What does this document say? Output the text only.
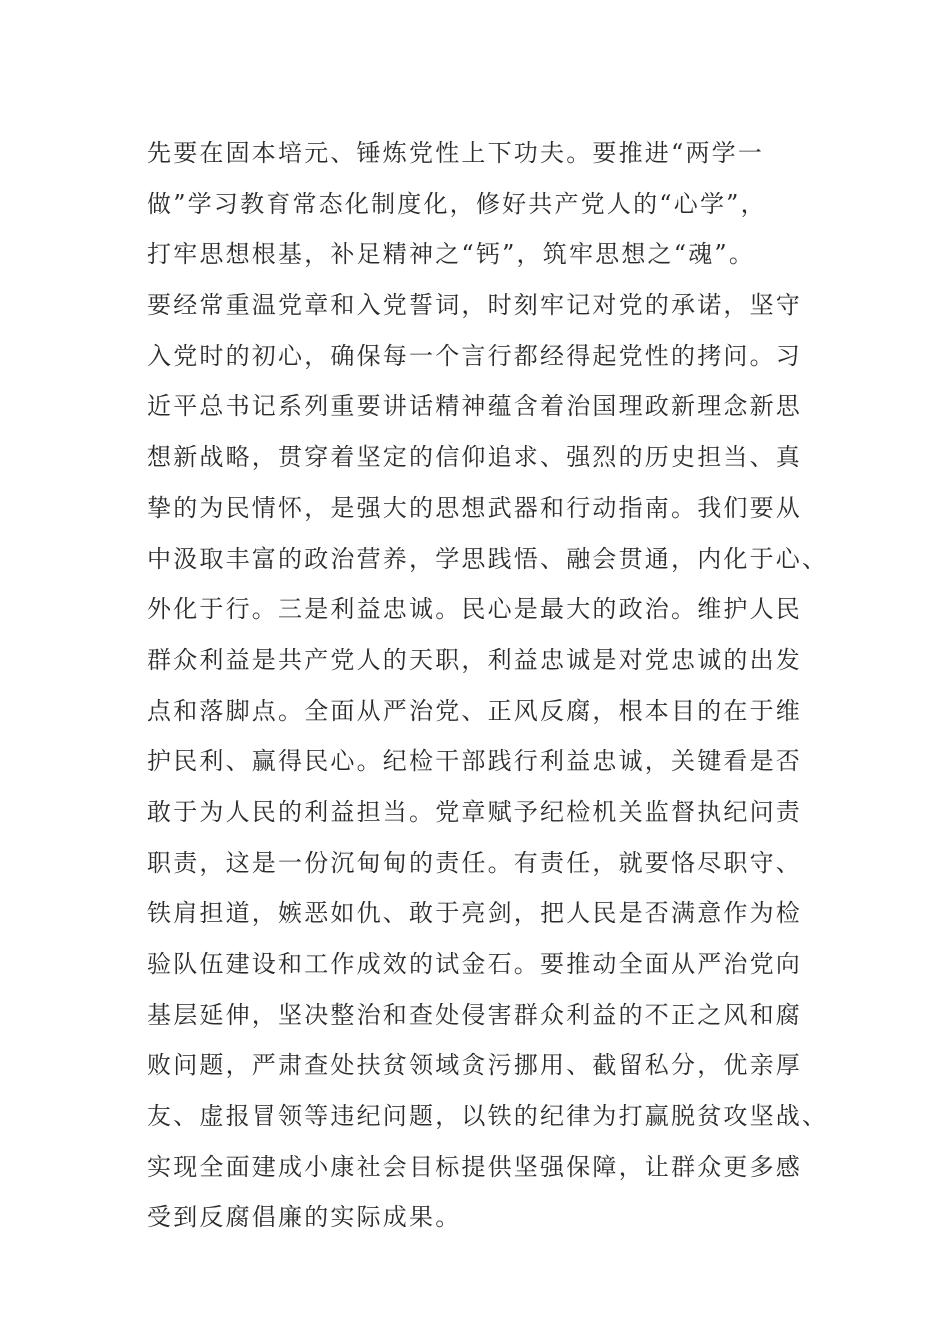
先要在固本培元、锤炼党性上下功夫。要推进“两学一
做”学习教育常态化制度化，修好共产党人的“心学”，
打牢思想根基，补足精神之“钙”，筑牢思想之“魂”。
要经常重温党章和入党誓词，时刻牢记对党的承诺，坚守
入党时的初心，确保每一个言行都经得起党性的拷问。习
近平总书记系列重要讲话精神蕴含着治国理政新理念新思
想新战略，贯穿着坚定的信仰追求、强烈的历史担当、真
挚的为民情怀，是强大的思想武器和行动指南。我们要从
中汲取丰富的政治营养，学思践悟、融会贯通，内化于心、
外化于行。三是利益忠诚。民心是最大的政治。维护人民
群众利益是共产党人的天职，利益忠诚是对党忠诚的出发
点和落脚点。全面从严治党、正风反腐，根本目的在于维
护民利、赢得民心。纪检干部践行利益忠诚，关键看是否
敢于为人民的利益担当。党章赋予纪检机关监督执纪问责
职责，这是一份沉甸甸的责任。有责任，就要恪尽职守、
铁肩担道，嫉恶如仇、敢于亮剑，把人民是否满意作为检
验队伍建设和工作成效的试金石。要推动全面从严治党向
基层延伸，坚决整治和查处侵害群众利益的不正之风和腐
败问题，严肃查处扶贫领域贪污挪用、截留私分，优亲厚
友、虚报冒领等违纪问题，以铁的纪律为打赢脱贫攻坚战、
实现全面建成小康社会目标提供坚强保障，让群众更多感
受到反腐倡廉的实际成果。
